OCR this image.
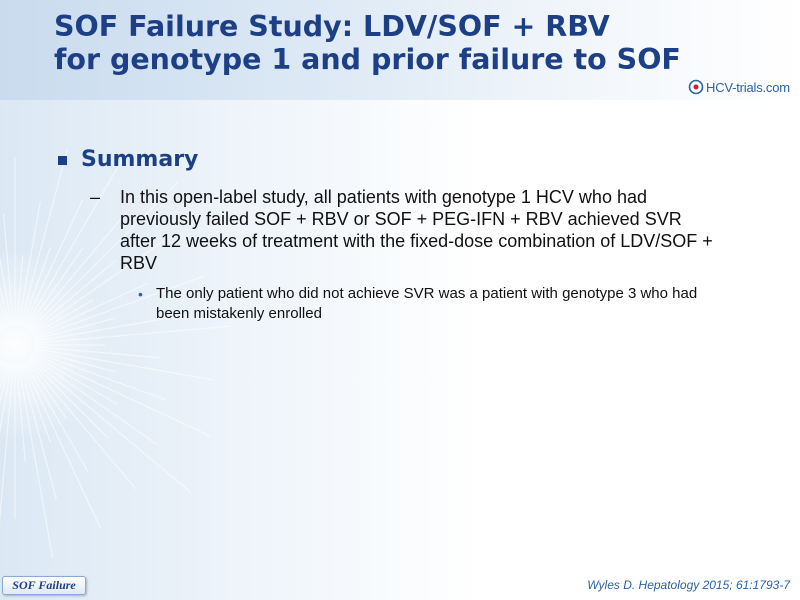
SOF Failure Study: LDV/SOF + RBV
for genotype 1 and prior failure to SOF
HCV-trials.com
Summary
–	In this open-label study, all patients with genotype 1 HCV who had previously failed SOF + RBV or SOF + PEG-IFN + RBV achieved SVR after 12 weeks of treatment with the fixed-dose combination of LDV/SOF + RBV
• The only patient who did not achieve SVR was a patient with genotype 3 who had been mistakenly enrolled
SOF Failure	Wyles D. Hepatology 2015; 61:1793-7
